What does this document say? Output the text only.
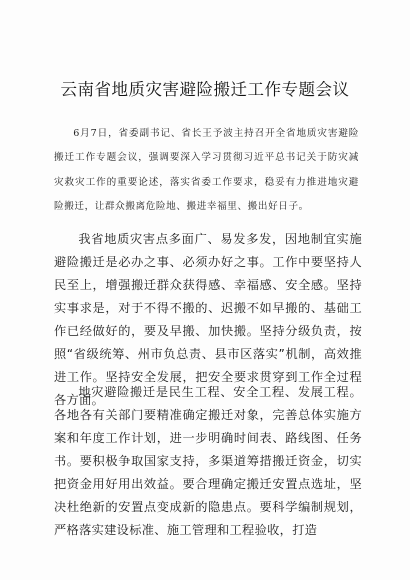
云南省地质灾害避险搬迁工作专题会议

6月7日，省委副书记、省长王予波主持召开全省地质灾害避险搬迁工作专题会议，强调要深入学习贯彻习近平总书记关于防灾减灾救灾工作的重要论述，落实省委工作要求，稳妥有力推进地灾避险搬迁，让群众搬离危险地、搬进幸福里、搬出好日子。

我省地质灾害点多面广、易发多发，因地制宜实施避险搬迁是必办之事、必须办好之事。工作中要坚持人民至上，增强搬迁群众获得感、幸福感、安全感。坚持实事求是，对于不得不搬的、迟搬不如早搬的、基础工作已经做好的，要及早搬、加快搬。坚持分级负责，按照“省级统筹、州市负总责、县市区落实”机制，高效推进工作。坚持安全发展，把安全要求贯穿到工作全过程各方面。

地灾避险搬迁是民生工程、安全工程、发展工程。各地各有关部门要精准确定搬迁对象，完善总体实施方案和年度工作计划，进一步明确时间表、路线图、任务书。要积极争取国家支持，多渠道筹措搬迁资金，切实把资金用好用出效益。要合理确定搬迁安置点选址，坚决杜绝新的安置点变成新的隐患点。要科学编制规划，严格落实建设标准、施工管理和工程验收，打造
